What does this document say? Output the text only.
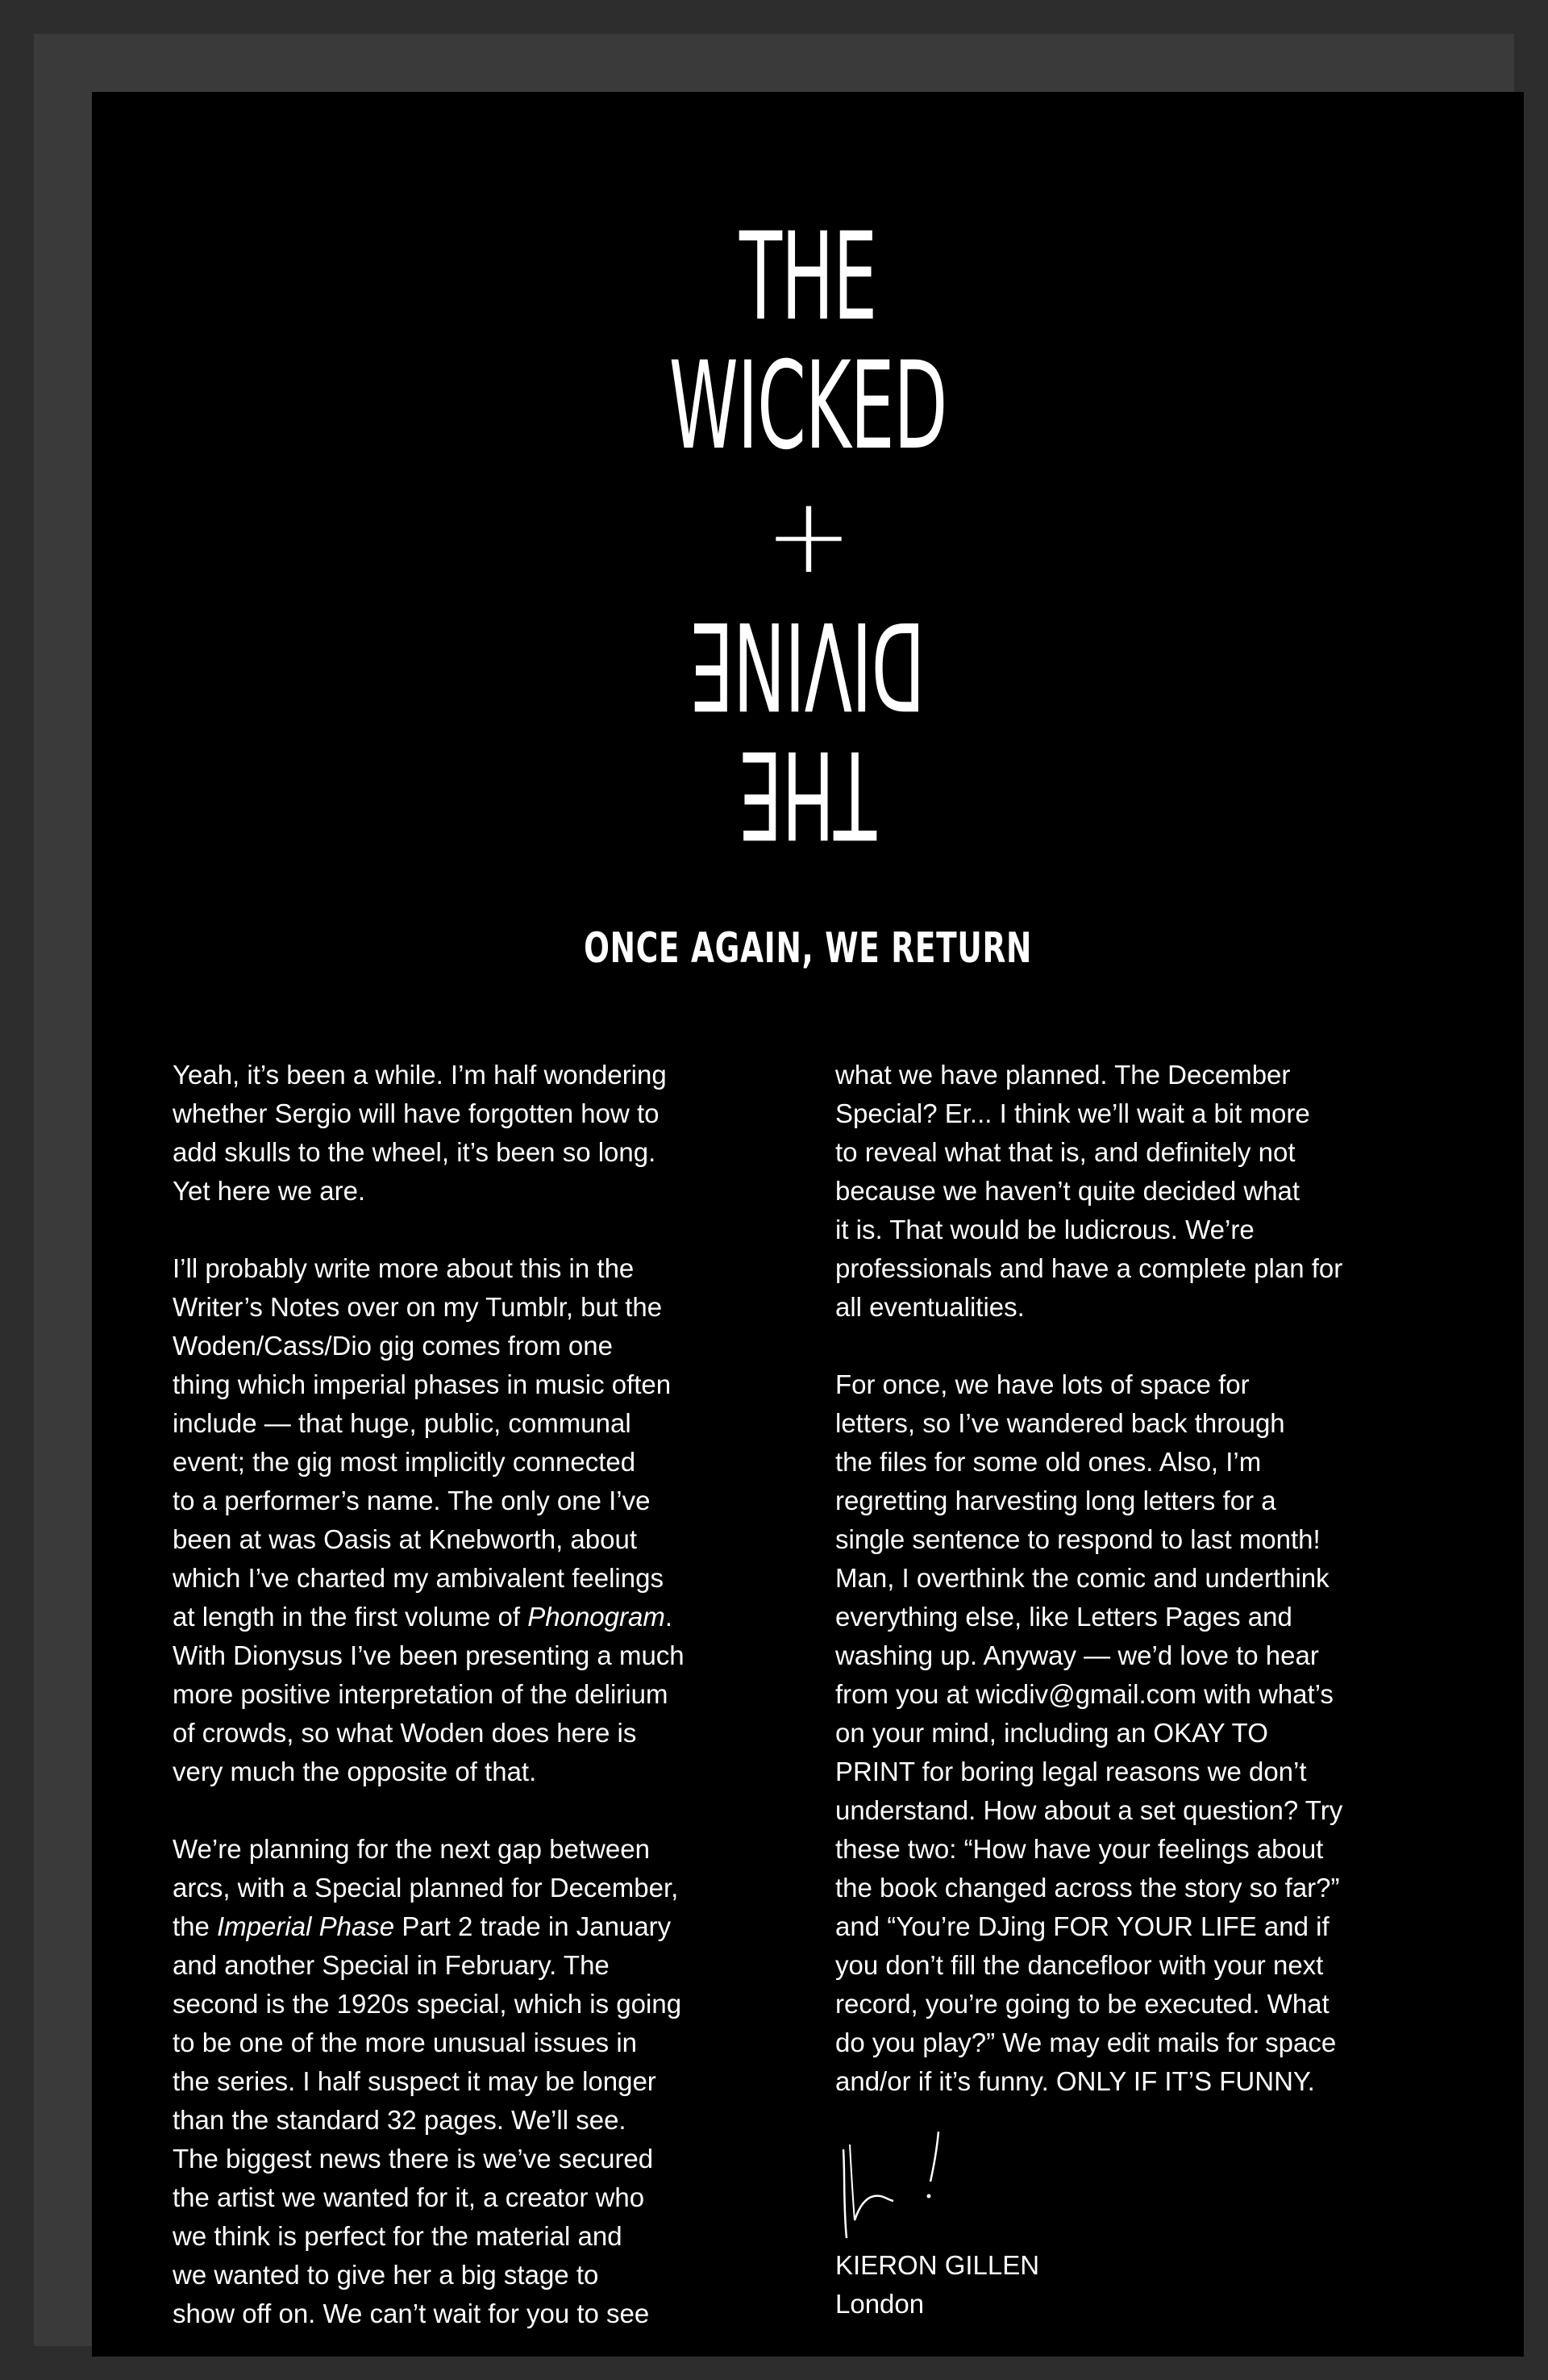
THE
WICKED
+
DIVINE
THE
ONCE AGAIN, WE RETURN

Yeah, it’s been a while. I’m half wondering
whether Sergio will have forgotten how to
add skulls to the wheel, it’s been so long.
Yet here we are.

I’ll probably write more about this in the
Writer’s Notes over on my Tumblr, but the
Woden/Cass/Dio gig comes from one
thing which imperial phases in music often
include — that huge, public, communal
event; the gig most implicitly connected
to a performer’s name. The only one I’ve
been at was Oasis at Knebworth, about
which I’ve charted my ambivalent feelings
at length in the first volume of Phonogram.
With Dionysus I’ve been presenting a much
more positive interpretation of the delirium
of crowds, so what Woden does here is
very much the opposite of that.

We’re planning for the next gap between
arcs, with a Special planned for December,
the Imperial Phase Part 2 trade in January
and another Special in February. The
second is the 1920s special, which is going
to be one of the more unusual issues in
the series. I half suspect it may be longer
than the standard 32 pages. We’ll see.
The biggest news there is we’ve secured
the artist we wanted for it, a creator who
we think is perfect for the material and
we wanted to give her a big stage to
show off on. We can’t wait for you to see

what we have planned. The December
Special? Er... I think we’ll wait a bit more
to reveal what that is, and definitely not
because we haven’t quite decided what
it is. That would be ludicrous. We’re
professionals and have a complete plan for
all eventualities.

For once, we have lots of space for
letters, so I’ve wandered back through
the files for some old ones. Also, I’m
regretting harvesting long letters for a
single sentence to respond to last month!
Man, I overthink the comic and underthink
everything else, like Letters Pages and
washing up. Anyway — we’d love to hear
from you at wicdiv@gmail.com with what’s
on your mind, including an OKAY TO
PRINT for boring legal reasons we don’t
understand. How about a set question? Try
these two: “How have your feelings about
the book changed across the story so far?”
and “You’re DJing FOR YOUR LIFE and if
you don’t fill the dancefloor with your next
record, you’re going to be executed. What
do you play?” We may edit mails for space
and/or if it’s funny. ONLY IF IT’S FUNNY.

KIERON GILLEN
London
